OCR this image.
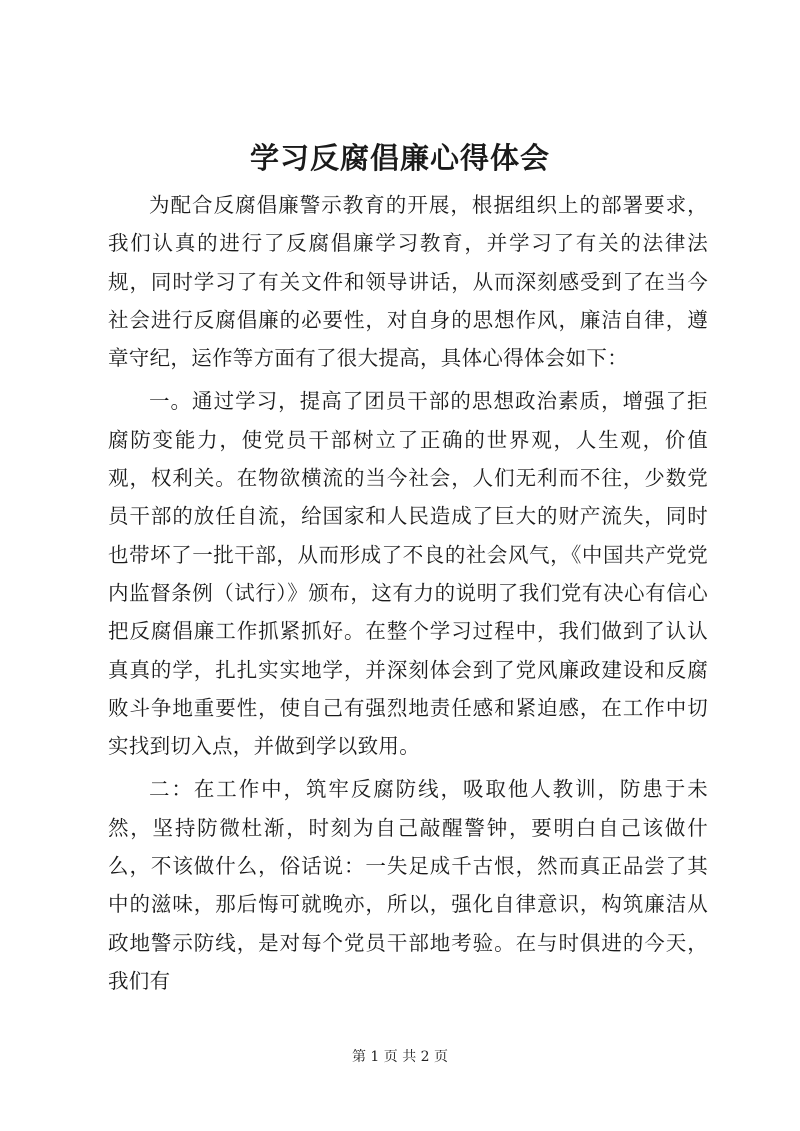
学习反腐倡廉心得体会

为配合反腐倡廉警示教育的开展，根据组织上的部署要求，我们认真的进行了反腐倡廉学习教育，并学习了有关的法律法规，同时学习了有关文件和领导讲话，从而深刻感受到了在当今社会进行反腐倡廉的必要性，对自身的思想作风，廉洁自律，遵章守纪，运作等方面有了很大提高，具体心得体会如下：

一。通过学习，提高了团员干部的思想政治素质，增强了拒腐防变能力，使党员干部树立了正确的世界观，人生观，价值观，权利关。在物欲横流的当今社会，人们无利而不往，少数党员干部的放任自流，给国家和人民造成了巨大的财产流失，同时也带坏了一批干部，从而形成了不良的社会风气，《中国共产党党内监督条例（试行）》颁布，这有力的说明了我们党有决心有信心把反腐倡廉工作抓紧抓好。在整个学习过程中，我们做到了认认真真的学，扎扎实实地学，并深刻体会到了党风廉政建设和反腐败斗争地重要性，使自己有强烈地责任感和紧迫感，在工作中切实找到切入点，并做到学以致用。

二：在工作中，筑牢反腐防线，吸取他人教训，防患于未然，坚持防微杜渐，时刻为自己敲醒警钟，要明白自己该做什么，不该做什么，俗话说：一失足成千古恨，然而真正品尝了其中的滋味，那后悔可就晚亦，所以，强化自律意识，构筑廉洁从政地警示防线，是对每个党员干部地考验。在与时俱进的今天，我们有

第 1 页 共 2 页
